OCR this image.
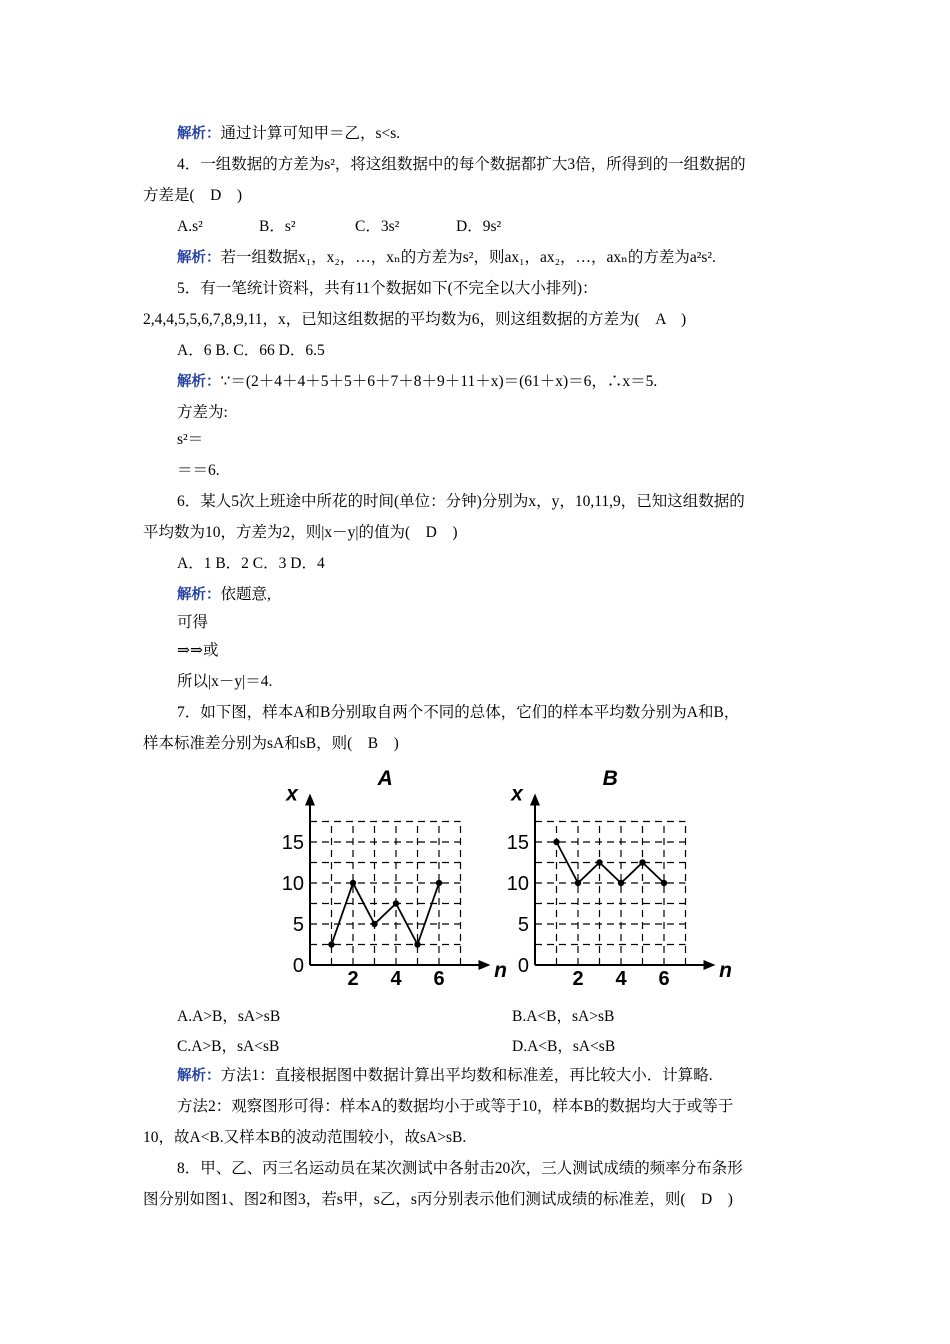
解析：通过计算可知甲＝乙，s<s.
4．一组数据的方差为s²，将这组数据中的每个数据都扩大3倍，所得到的一组数据的
方差是(　D　)
A.s²	B．s²	C．3s²	D．9s²
解析：若一组数据x₁，x₂，…，xₙ的方差为s²，则ax₁，ax₂，…，axₙ的方差为a²s².
5．有一笔统计资料，共有11个数据如下(不完全以大小排列)：
2,4,4,5,5,6,7,8,9,11，x，已知这组数据的平均数为6，则这组数据的方差为(　A　)
A．6 B. C．66 D．6.5
解析：∵＝(2＋4＋4＋5＋5＋6＋7＋8＋9＋11＋x)＝(61＋x)＝6，∴x＝5.
方差为:
s²＝
＝＝6.
6．某人5次上班途中所花的时间(单位：分钟)分别为x，y，10,11,9，已知这组数据的
平均数为10，方差为2，则|x－y|的值为(　D　)
A．1 B．2 C．3 D．4
解析：依题意,
可得
⇒⇒或
所以|x－y|＝4.
7．如下图，样本A和B分别取自两个不同的总体，它们的样本平均数分别为A和B，
样本标准差分别为sA和sB，则(　B　)
A
x
n
0
5
10
15
2 4 6
B
x
n
0
5
10
15
2 4 6
A.A>B，sA>sB	B.A<B，sA>sB
C.A>B，sA<sB	D.A<B，sA<sB
解析：方法1：直接根据图中数据计算出平均数和标准差，再比较大小．计算略.
方法2：观察图形可得：样本A的数据均小于或等于10，样本B的数据均大于或等于
10，故A<B.又样本B的波动范围较小，故sA>sB.
8．甲、乙、丙三名运动员在某次测试中各射击20次，三人测试成绩的频率分布条形
图分别如图1、图2和图3，若s甲，s乙，s丙分别表示他们测试成绩的标准差，则(　D　)
